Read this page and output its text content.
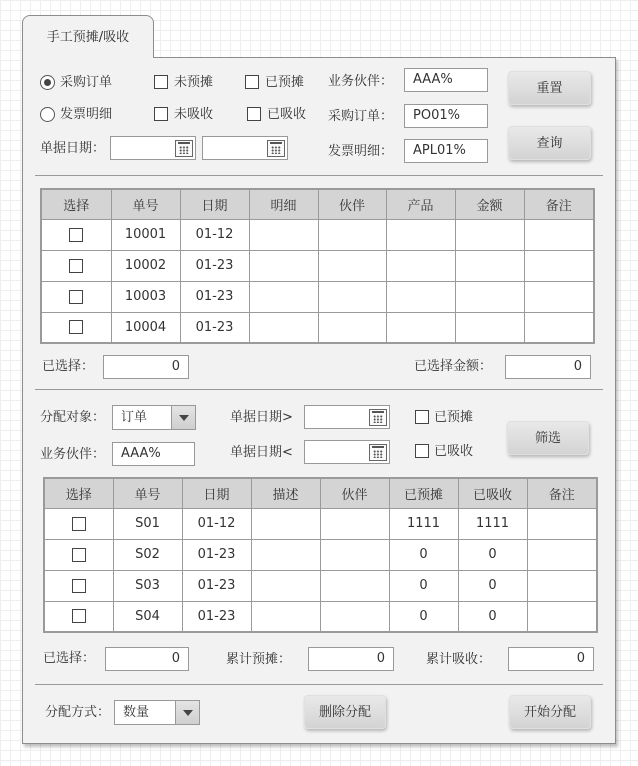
手工预摊/吸收
采购订单
发票明细
未预摊
未吸收
已预摊
已吸收
业务伙伴：	AAA%
采购订单：	PO01%
发票明细：	APL01%
单据日期：
重置
查询
选择	单号	日期	明细	伙伴	产品	金额	备注
	10001	01-12					
	10002	01-23					
	10003	01-23					
	10004	01-23					
已选择：	0	已选择金额：	0
分配对象： 订单	单据日期>
单据日期<
已预摊
已吸收
业务伙伴：	AAA%
筛选
选择	单号	日期	描述	伙伴	已预摊	已吸收	备注
	S01	01-12			1111	1111	
	S02	01-23			0	0	
	S03	01-23			0	0	
	S04	01-23			0	0	
已选择：	0	累计预摊：	0	累计吸收：	0
分配方式： 数量	删除分配	开始分配
